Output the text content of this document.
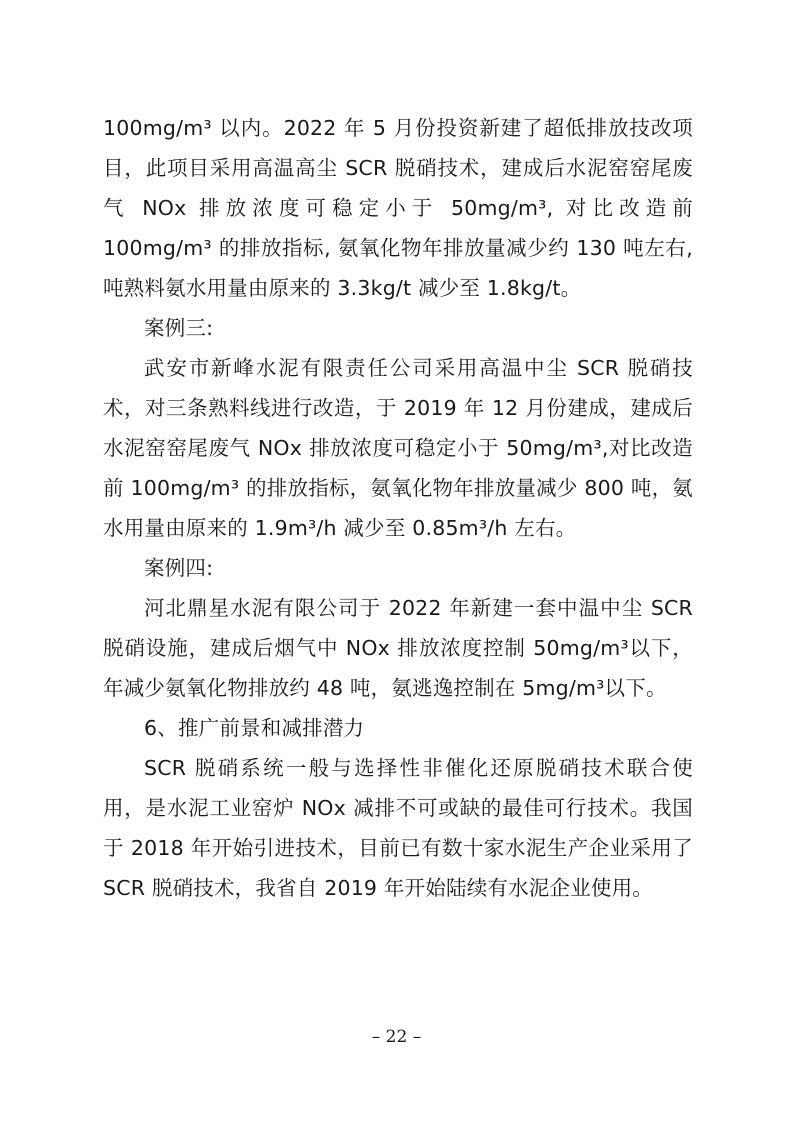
100mg/m³ 以内。2022 年 5 月份投资新建了超低排放技改项
目，此项目采用高温高尘 SCR 脱硝技术，建成后水泥窑窑尾废
气 NOx 排放浓度可稳定小于 50mg/m³, 对比改造前
100mg/m³ 的排放指标, 氨氧化物年排放量减少约 130 吨左右,
吨熟料氨水用量由原来的 3.3kg/t 减少至 1.8kg/t。
案例三:
武安市新峰水泥有限责任公司采用高温中尘 SCR 脱硝技
术，对三条熟料线进行改造，于 2019 年 12 月份建成，建成后
水泥窑窑尾废气 NOx 排放浓度可稳定小于 50mg/m³,对比改造
前 100mg/m³ 的排放指标，氨氧化物年排放量减少 800 吨，氨
水用量由原来的 1.9m³/h 减少至 0.85m³/h 左右。
案例四:
河北鼎星水泥有限公司于 2022 年新建一套中温中尘 SCR
脱硝设施，建成后烟气中 NOx 排放浓度控制 50mg/m³以下，
年减少氨氧化物排放约 48 吨，氨逃逸控制在 5mg/m³以下。
6、推广前景和减排潜力
SCR 脱硝系统一般与选择性非催化还原脱硝技术联合使
用，是水泥工业窑炉 NOx 减排不可或缺的最佳可行技术。我国
于 2018 年开始引进技术，目前已有数十家水泥生产企业采用了
SCR 脱硝技术，我省自 2019 年开始陆续有水泥企业使用。
– 22 –
